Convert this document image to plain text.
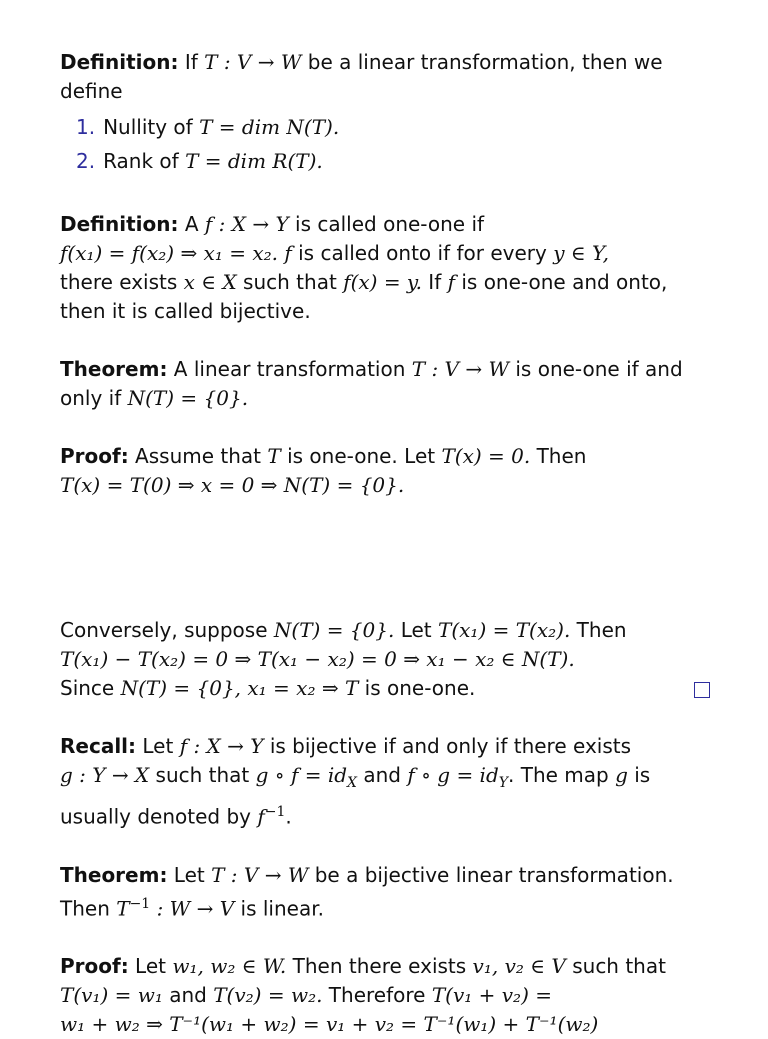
Definition: If T : V → W be a linear transformation, then we define
1. Nullity of T = dim N(T).
2. Rank of T = dim R(T).
Definition: A f : X → Y is called one-one if
f(x₁) = f(x₂) ⇒ x₁ = x₂. f is called onto if for every y ∈ Y,
there exists x ∈ X such that f(x) = y. If f is one-one and onto,
then it is called bijective.
Theorem: A linear transformation T : V → W is one-one if and only if N(T) = {0}.
Proof: Assume that T is one-one. Let T(x) = 0. Then
T(x) = T(0) ⇒ x = 0 ⇒ N(T) = {0}.
Conversely, suppose N(T) = {0}. Let T(x₁) = T(x₂). Then
T(x₁) − T(x₂) = 0 ⇒ T(x₁ − x₂) = 0 ⇒ x₁ − x₂ ∈ N(T).
Since N(T) = {0}, x₁ = x₂ ⇒ T is one-one.
Recall: Let f : X → Y is bijective if and only if there exists
g : Y → X such that g ∘ $f = id_X$ and f ∘ $g = id_Y$. The map g is
usually denoted by $f^{-1}$.
Theorem: Let T : V → W be a bijective linear transformation.
Then $T^{-1}$ : W → V is linear.
Proof: Let w₁, w₂ ∈ W. Then there exists v₁, v₂ ∈ V such that
T(v₁) = w₁ and T(v₂) = w₂. Therefore T(v₁ + v₂) =
w₁ + w₂ ⇒ T⁻¹(w₁ + w₂) = v₁ + v₂ = T⁻¹(w₁) + T⁻¹(w₂)
